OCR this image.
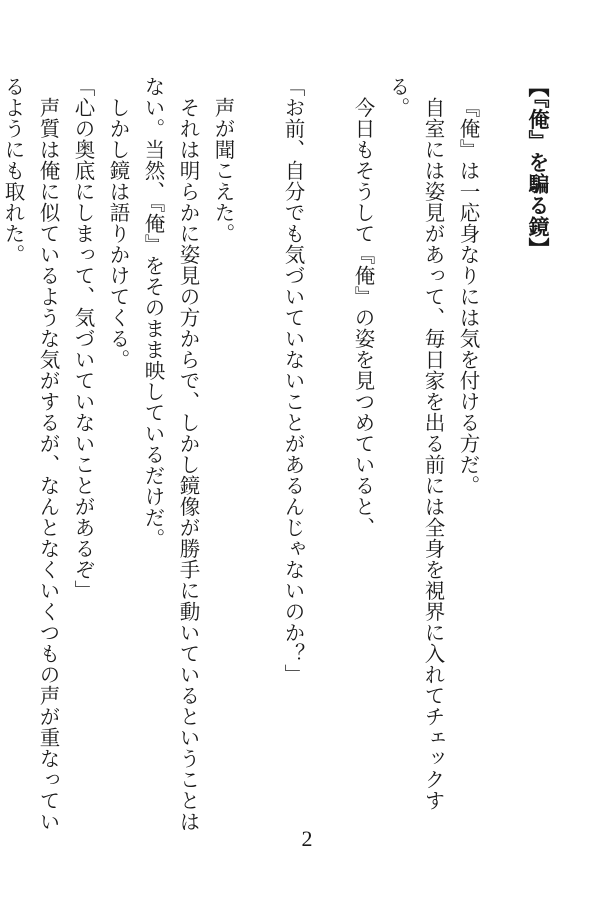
【『俺』を騙る鏡】
『俺』は一応身なりには気を付ける方だ。
自室には姿見があって、毎日家を出る前には全身を視界に入れてチェックする。
今日もそうして『俺』の姿を見つめていると、
「お前、自分でも気づいていないことがあるんじゃないのか？」
声が聞こえた。
それは明らかに姿見の方からで、しかし鏡像が勝手に動いているということはない。当然、『俺』をそのまま映しているだけだ。
しかし鏡は語りかけてくる。
「心の奥底にしまって、気づいていないことがあるぞ」
声質は俺に似ているような気がするが、なんとなくいくつもの声が重なっているようにも取れた。
2
